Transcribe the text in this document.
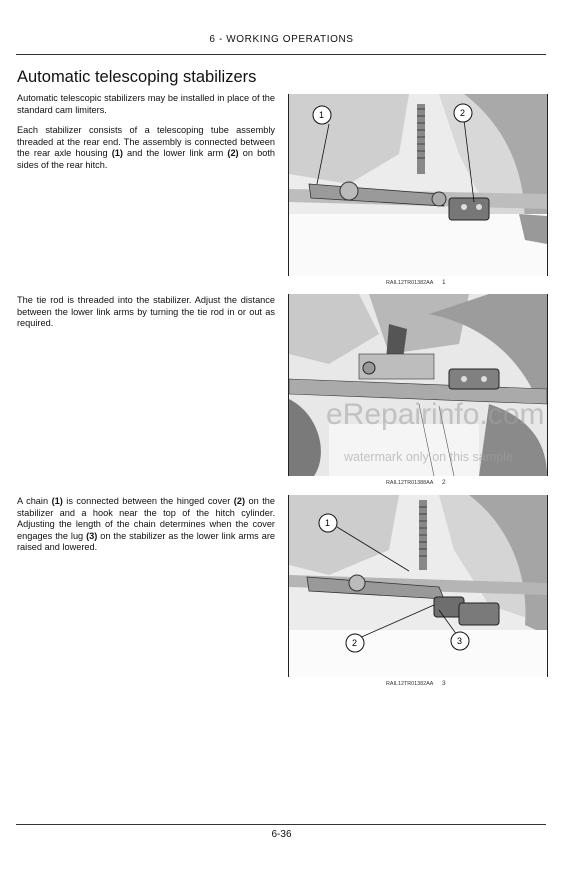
6 - WORKING OPERATIONS
Automatic telescoping stabilizers

Automatic telescopic stabilizers may be installed in place of the standard cam limiters.

Each stabilizer consists of a telescoping tube assembly threaded at the rear end. The assembly is connected between the rear axle housing (1) and the lower link arm (2) on both sides of the rear hitch.

The tie rod is threaded into the stabilizer. Adjust the distance between the lower link arms by turning the tie rod in or out as required.

A chain (1) is connected between the hinged cover (2) on the stabilizer and a hook near the top of the hitch cylinder. Adjusting the length of the chain determines when the cover engages the lug (3) on the stabilizer as the lower link arms are raised and lowered.

1	2
RAIL12TR01382AA 1
RAIL12TR01388AA 2
1
2	3
RAIL12TR01382AA 3
eRepairinfo.com
watermark only on this sample
6-36
